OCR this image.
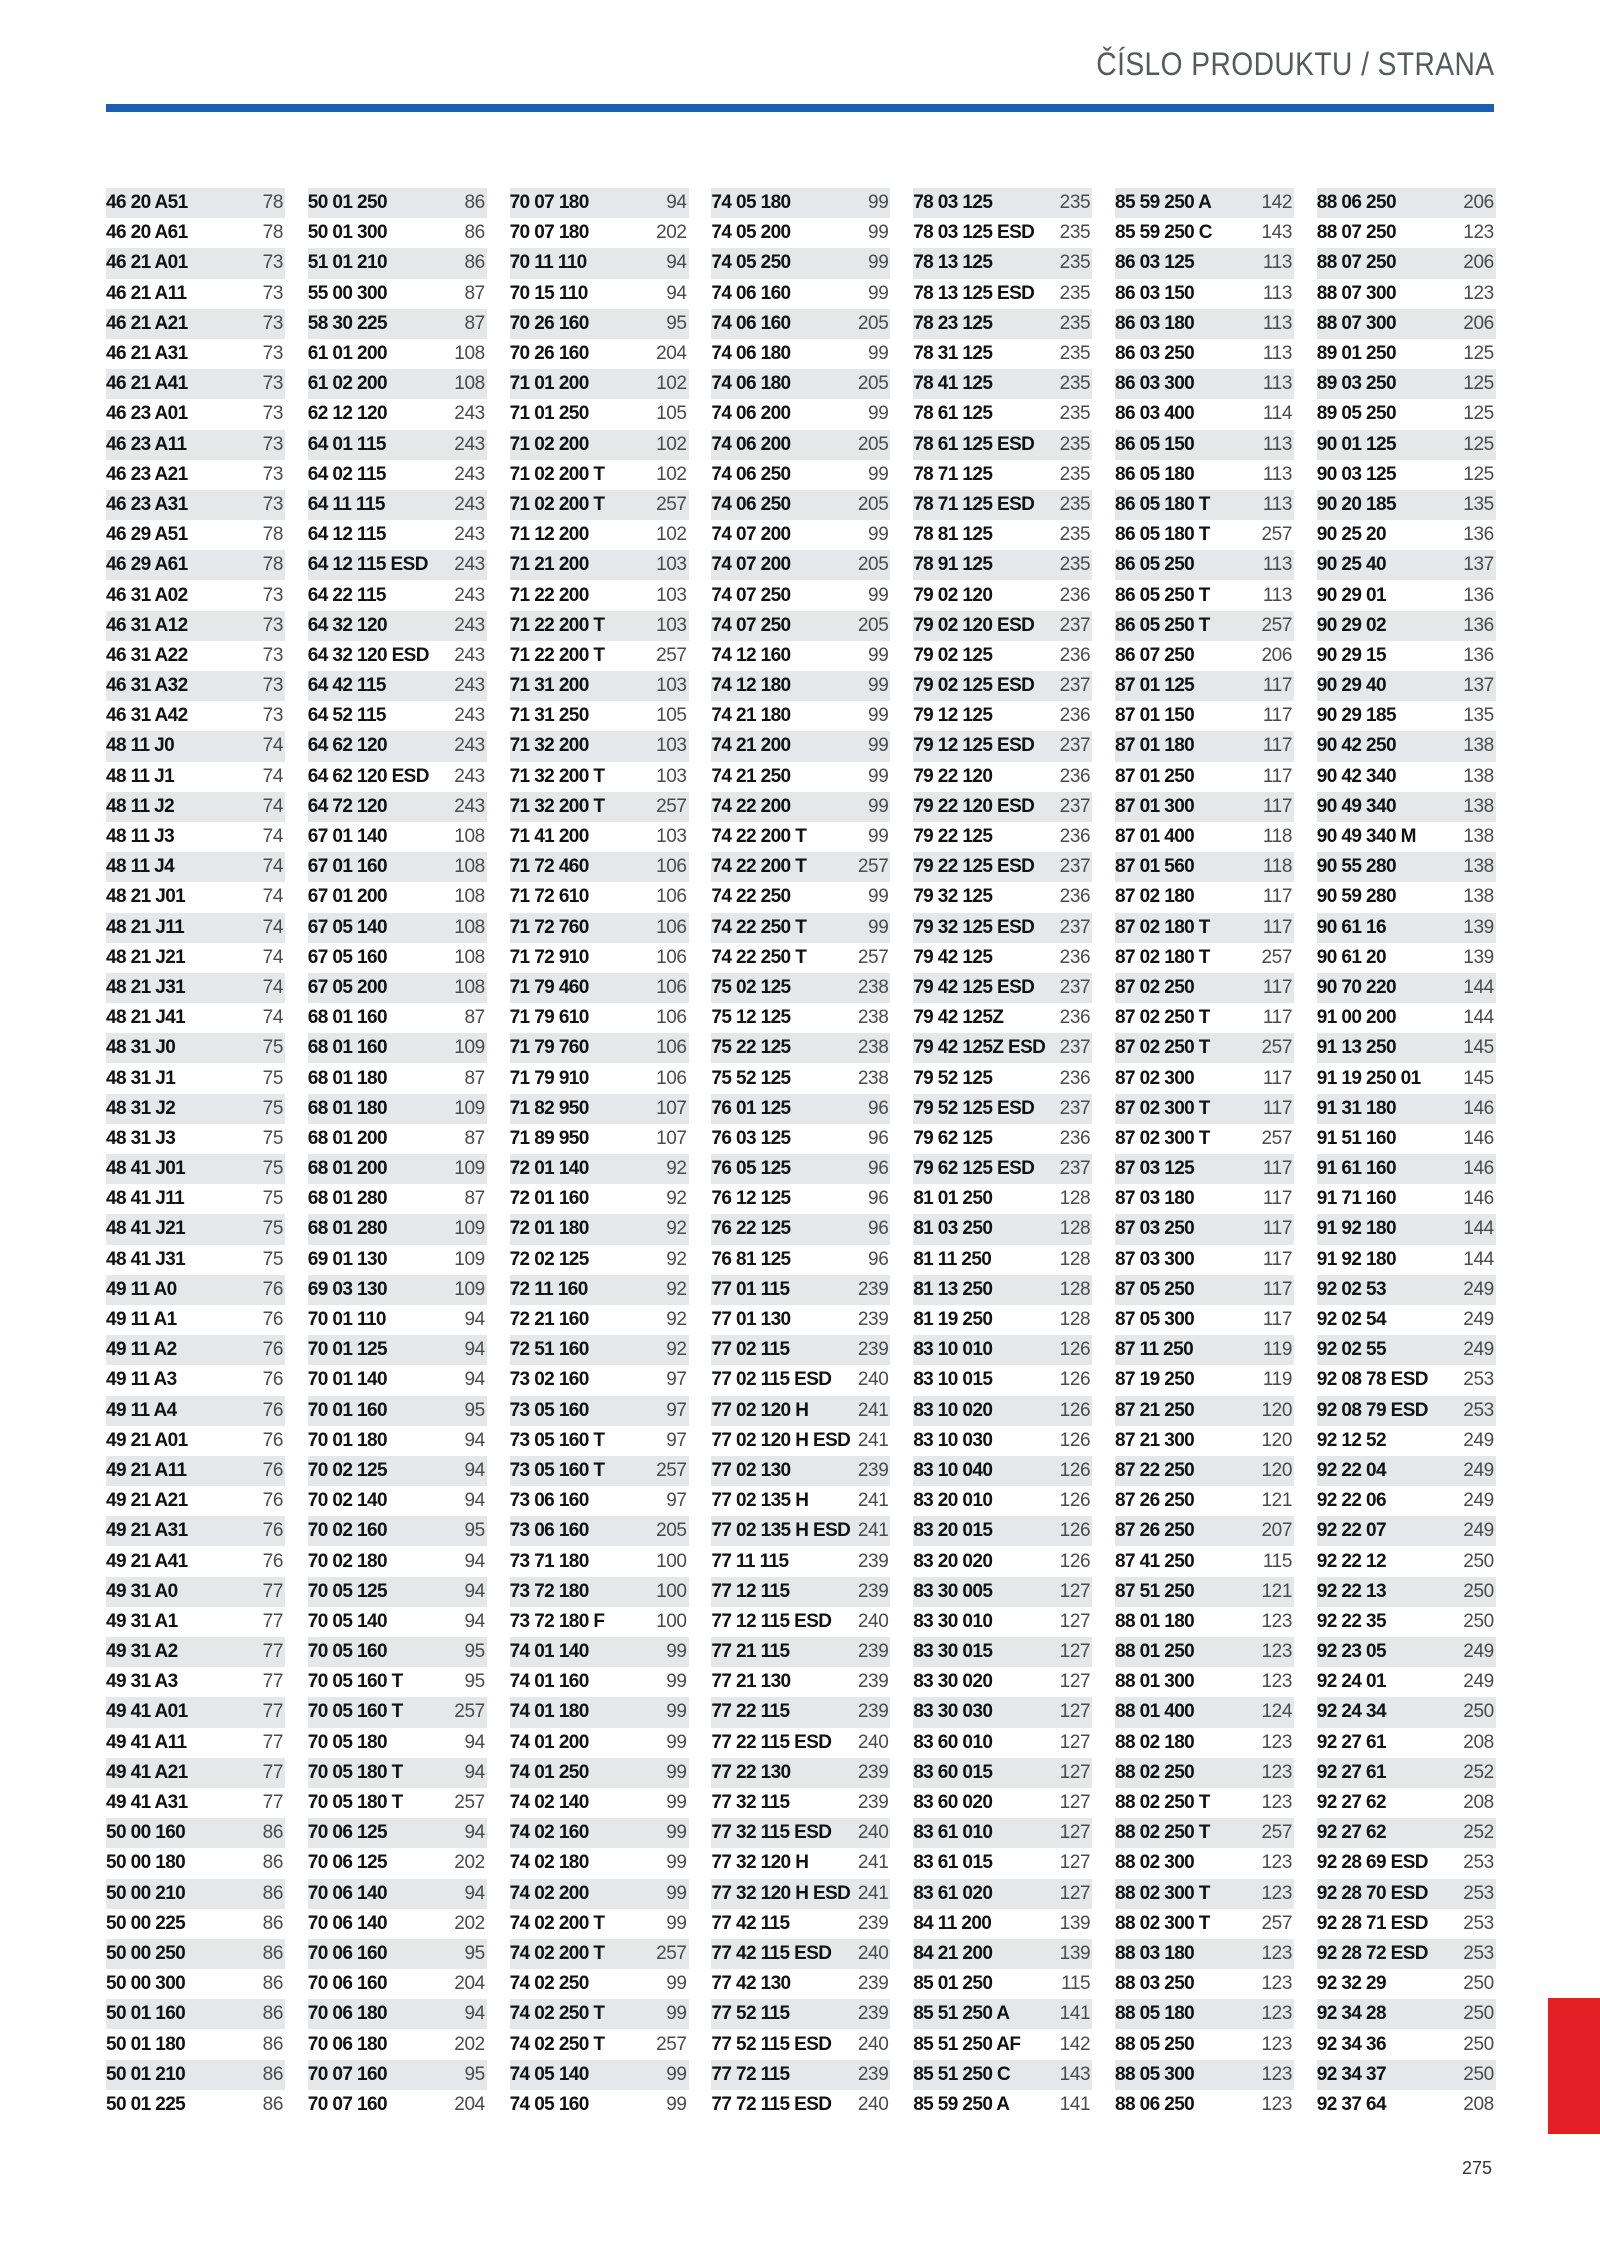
ČÍSLO PRODUKTU / STRANA
46 20 A51	78
46 20 A61	78
46 21 A01	73
46 21 A11	73
46 21 A21	73
46 21 A31	73
46 21 A41	73
46 23 A01	73
46 23 A11	73
46 23 A21	73
46 23 A31	73
46 29 A51	78
46 29 A61	78
46 31 A02	73
46 31 A12	73
46 31 A22	73
46 31 A32	73
46 31 A42	73
48 11 J0	74
48 11 J1	74
48 11 J2	74
48 11 J3	74
48 11 J4	74
48 21 J01	74
48 21 J11	74
48 21 J21	74
48 21 J31	74
48 21 J41	74
48 31 J0	75
48 31 J1	75
48 31 J2	75
48 31 J3	75
48 41 J01	75
48 41 J11	75
48 41 J21	75
48 41 J31	75
49 11 A0	76
49 11 A1	76
49 11 A2	76
49 11 A3	76
49 11 A4	76
49 21 A01	76
49 21 A11	76
49 21 A21	76
49 21 A31	76
49 21 A41	76
49 31 A0	77
49 31 A1	77
49 31 A2	77
49 31 A3	77
49 41 A01	77
49 41 A11	77
49 41 A21	77
49 41 A31	77
50 00 160	86
50 00 180	86
50 00 210	86
50 00 225	86
50 00 250	86
50 00 300	86
50 01 160	86
50 01 180	86
50 01 210	86
50 01 225	86
50 01 250	86
50 01 300	86
51 01 210	86
55 00 300	87
58 30 225	87
61 01 200	108
61 02 200	108
62 12 120	243
64 01 115	243
64 02 115	243
64 11 115	243
64 12 115	243
64 12 115 ESD 243
64 22 115	243
64 32 120	243
64 32 120 ESD 243
64 42 115	243
64 52 115	243
64 62 120	243
64 62 120 ESD 243
64 72 120	243
67 01 140	108
67 01 160	108
67 01 200	108
67 05 140	108
67 05 160	108
67 05 200	108
68 01 160	87
68 01 160	109
68 01 180	87
68 01 180	109
68 01 200	87
68 01 200	109
68 01 280	87
68 01 280	109
69 01 130	109
69 03 130	109
70 01 110	94
70 01 125	94
70 01 140	94
70 01 160	95
70 01 180	94
70 02 125	94
70 02 140	94
70 02 160	95
70 02 180	94
70 05 125	94
70 05 140	94
70 05 160	95
70 05 160 T	95
70 05 160 T	257
70 05 180	94
70 05 180 T	94
70 05 180 T	257
70 06 125	94
70 06 125	202
70 06 140	94
70 06 140	202
70 06 160	95
70 06 160	204
70 06 180	94
70 06 180	202
70 07 160	95
70 07 160	204
70 07 180	94
70 07 180	202
70 11 110	94
70 15 110	94
70 26 160	95
70 26 160	204
71 01 200	102
71 01 250	105
71 02 200	102
71 02 200 T	102
71 02 200 T	257
71 12 200	102
71 21 200	103
71 22 200	103
71 22 200 T	103
71 22 200 T	257
71 31 200	103
71 31 250	105
71 32 200	103
71 32 200 T	103
71 32 200 T	257
71 41 200	103
71 72 460	106
71 72 610	106
71 72 760	106
71 72 910	106
71 79 460	106
71 79 610	106
71 79 760	106
71 79 910	106
71 82 950	107
71 89 950	107
72 01 140	92
72 01 160	92
72 01 180	92
72 02 125	92
72 11 160	92
72 21 160	92
72 51 160	92
73 02 160	97
73 05 160	97
73 05 160 T	97
73 05 160 T	257
73 06 160	97
73 06 160	205
73 71 180	100
73 72 180	100
73 72 180 F	100
74 01 140	99
74 01 160	99
74 01 180	99
74 01 200	99
74 01 250	99
74 02 140	99
74 02 160	99
74 02 180	99
74 02 200	99
74 02 200 T	99
74 02 200 T	257
74 02 250	99
74 02 250 T	99
74 02 250 T	257
74 05 140	99
74 05 160	99
74 05 180	99
74 05 200	99
74 05 250	99
74 06 160	99
74 06 160	205
74 06 180	99
74 06 180	205
74 06 200	99
74 06 200	205
74 06 250	99
74 06 250	205
74 07 200	99
74 07 200	205
74 07 250	99
74 07 250	205
74 12 160	99
74 12 180	99
74 21 180	99
74 21 200	99
74 21 250	99
74 22 200	99
74 22 200 T	99
74 22 200 T	257
74 22 250	99
74 22 250 T	99
74 22 250 T	257
75 02 125	238
75 12 125	238
75 22 125	238
75 52 125	238
76 01 125	96
76 03 125	96
76 05 125	96
76 12 125	96
76 22 125	96
76 81 125	96
77 01 115	239
77 01 130	239
77 02 115	239
77 02 115 ESD 240
77 02 120 H	241
77 02 120 H ESD 241
77 02 130	239
77 02 135 H	241
77 02 135 H ESD 241
77 11 115	239
77 12 115	239
77 12 115 ESD 240
77 21 115	239
77 21 130	239
77 22 115	239
77 22 115 ESD 240
77 22 130	239
77 32 115	239
77 32 115 ESD 240
77 32 120 H	241
77 32 120 H ESD 241
77 42 115	239
77 42 115 ESD 240
77 42 130	239
77 52 115	239
77 52 115 ESD 240
77 72 115	239
77 72 115 ESD 240
78 03 125	235
78 03 125 ESD 235
78 13 125	235
78 13 125 ESD 235
78 23 125	235
78 31 125	235
78 41 125	235
78 61 125	235
78 61 125 ESD 235
78 71 125	235
78 71 125 ESD 235
78 81 125	235
78 91 125	235
79 02 120	236
79 02 120 ESD 237
79 02 125	236
79 02 125 ESD 237
79 12 125	236
79 12 125 ESD 237
79 22 120	236
79 22 120 ESD 237
79 22 125	236
79 22 125 ESD 237
79 32 125	236
79 32 125 ESD 237
79 42 125	236
79 42 125 ESD 237
79 42 125Z	236
79 42 125Z ESD 237
79 52 125	236
79 52 125 ESD 237
79 62 125	236
79 62 125 ESD 237
81 01 250	128
81 03 250	128
81 11 250	128
81 13 250	128
81 19 250	128
83 10 010	126
83 10 015	126
83 10 020	126
83 10 030	126
83 10 040	126
83 20 010	126
83 20 015	126
83 20 020	126
83 30 005	127
83 30 010	127
83 30 015	127
83 30 020	127
83 30 030	127
83 60 010	127
83 60 015	127
83 60 020	127
83 61 010	127
83 61 015	127
83 61 020	127
84 11 200	139
84 21 200	139
85 01 250	115
85 51 250 A	141
85 51 250 AF 142
85 51 250 C	143
85 59 250 A	141
85 59 250 A	142
85 59 250 C	143
86 03 125	113
86 03 150	113
86 03 180	113
86 03 250	113
86 03 300	113
86 03 400	114
86 05 150	113
86 05 180	113
86 05 180 T	113
86 05 180 T	257
86 05 250	113
86 05 250 T	113
86 05 250 T	257
86 07 250	206
87 01 125	117
87 01 150	117
87 01 180	117
87 01 250	117
87 01 300	117
87 01 400	118
87 01 560	118
87 02 180	117
87 02 180 T	117
87 02 180 T	257
87 02 250	117
87 02 250 T	117
87 02 250 T	257
87 02 300	117
87 02 300 T	117
87 02 300 T	257
87 03 125	117
87 03 180	117
87 03 250	117
87 03 300	117
87 05 250	117
87 05 300	117
87 11 250	119
87 19 250	119
87 21 250	120
87 21 300	120
87 22 250	120
87 26 250	121
87 26 250	207
87 41 250	115
87 51 250	121
88 01 180	123
88 01 250	123
88 01 300	123
88 01 400	124
88 02 180	123
88 02 250	123
88 02 250 T	123
88 02 250 T	257
88 02 300	123
88 02 300 T	123
88 02 300 T	257
88 03 180	123
88 03 250	123
88 05 180	123
88 05 250	123
88 05 300	123
88 06 250	123
88 06 250	206
88 07 250	123
88 07 250	206
88 07 300	123
88 07 300	206
89 01 250	125
89 03 250	125
89 05 250	125
90 01 125	125
90 03 125	125
90 20 185	135
90 25 20	136
90 25 40	137
90 29 01	136
90 29 02	136
90 29 15	136
90 29 40	137
90 29 185	135
90 42 250	138
90 42 340	138
90 49 340	138
90 49 340 M 138
90 55 280	138
90 59 280	138
90 61 16	139
90 61 20	139
90 70 220	144
91 00 200	144
91 13 250	145
91 19 250 01 145
91 31 180	146
91 51 160	146
91 61 160	146
91 71 160	146
91 92 180	144
91 92 180	144
92 02 53	249
92 02 54	249
92 02 55	249
92 08 78 ESD 253
92 08 79 ESD 253
92 12 52	249
92 22 04	249
92 22 06	249
92 22 07	249
92 22 12	250
92 22 13	250
92 22 35	250
92 23 05	249
92 24 01	249
92 24 34	250
92 27 61	208
92 27 61	252
92 27 62	208
92 27 62	252
92 28 69 ESD 253
92 28 70 ESD 253
92 28 71 ESD 253
92 28 72 ESD 253
92 32 29	250
92 34 28	250
92 34 36	250
92 34 37	250
92 37 64	208
275
